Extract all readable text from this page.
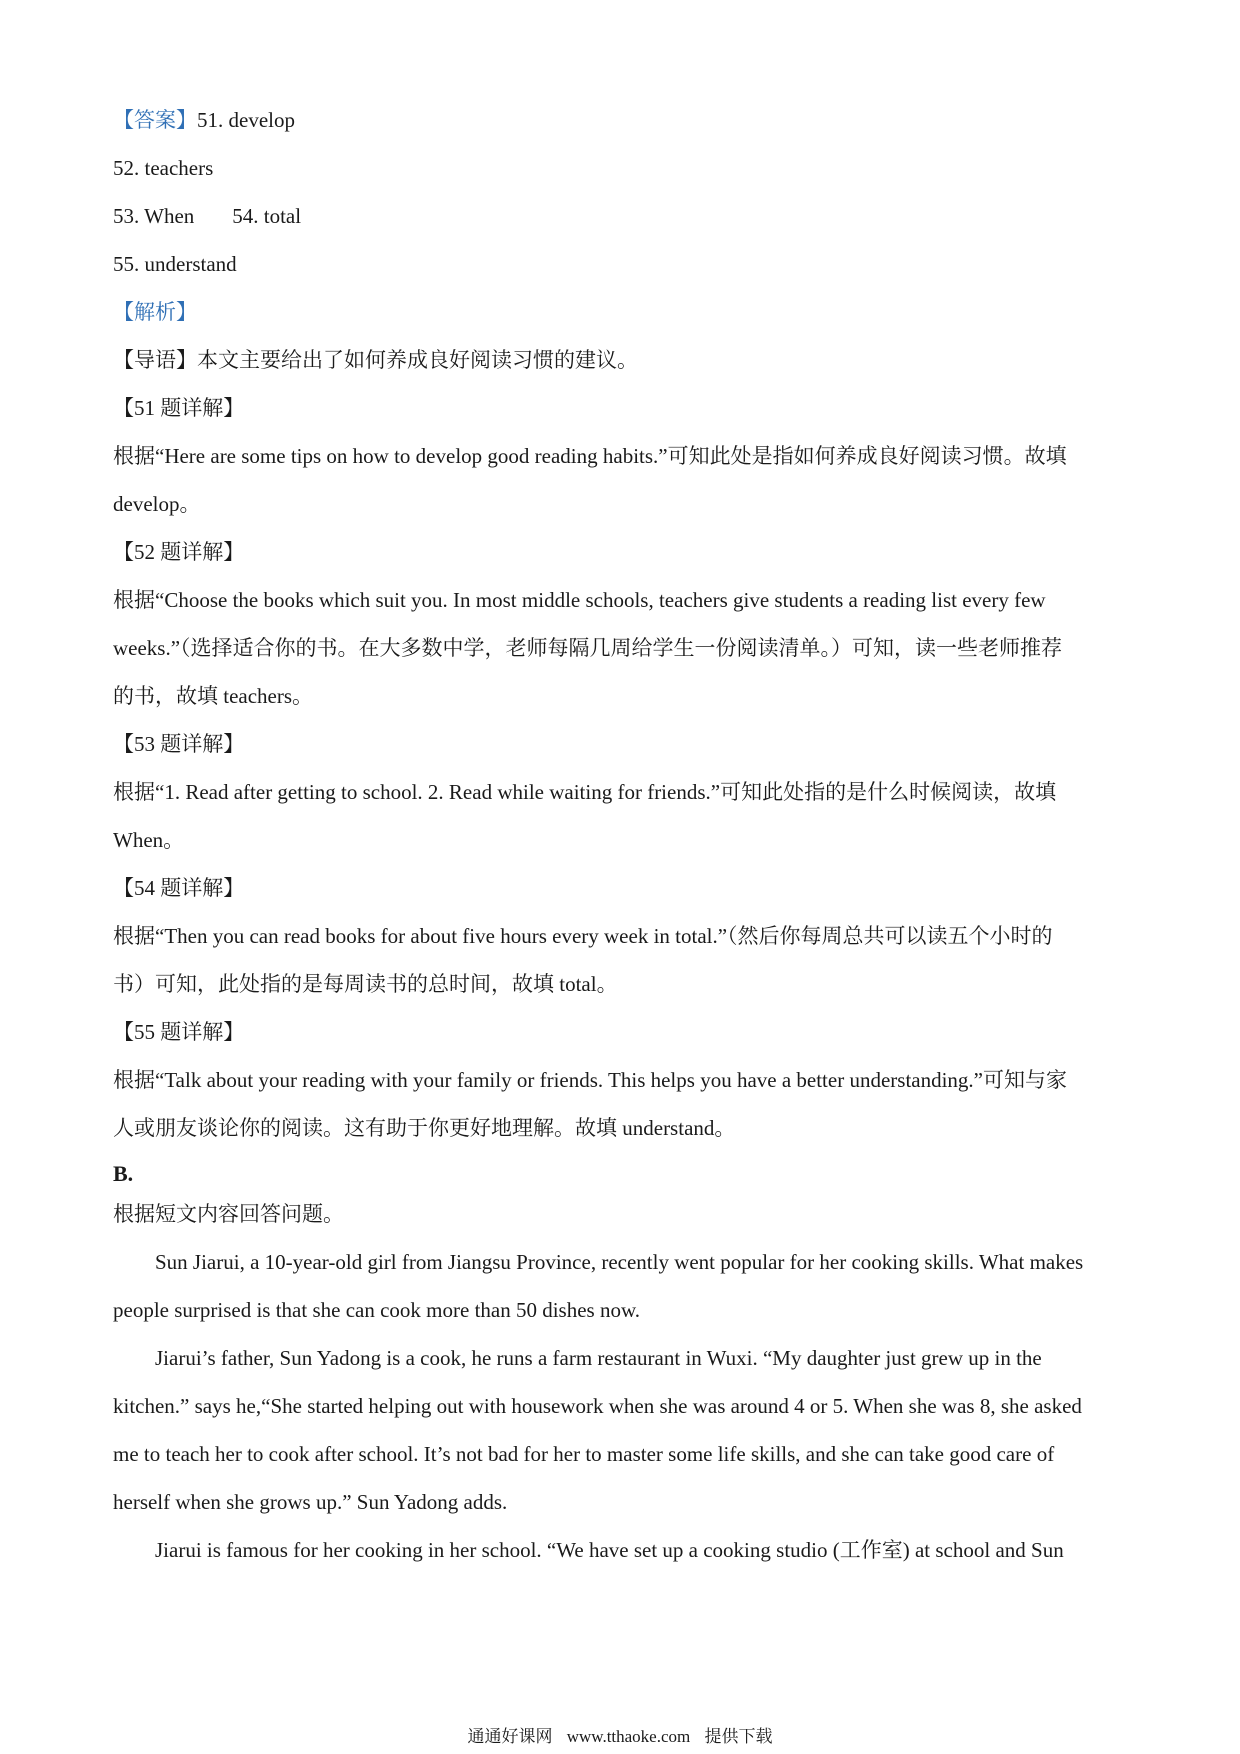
【答案】51. develop
52. teachers
53. When 54. total
55. understand
【解析】
【导语】本文主要给出了如何养成良好阅读习惯的建议。
【51 题详解】
根据“Here are some tips on how to develop good reading habits.”可知此处是指如何养成良好阅读习惯。故填
develop。
【52 题详解】
根据“Choose the books which suit you. In most middle schools, teachers give students a reading list every few
weeks.”（选择适合你的书。在大多数中学，老师每隔几周给学生一份阅读清单。）可知，读一些老师推荐
的书，故填 teachers。
【53 题详解】
根据“1. Read after getting to school. 2. Read while waiting for friends.”可知此处指的是什么时候阅读，故填
When。
【54 题详解】
根据“Then you can read books for about five hours every week in total.”（然后你每周总共可以读五个小时的
书）可知，此处指的是每周读书的总时间，故填 total。
【55 题详解】
根据“Talk about your reading with your family or friends. This helps you have a better understanding.”可知与家
人或朋友谈论你的阅读。这有助于你更好地理解。故填 understand。
B.
根据短文内容回答问题。
Sun Jiarui, a 10-year-old girl from Jiangsu Province, recently went popular for her cooking skills. What makes
people surprised is that she can cook more than 50 dishes now.
Jiarui’s father, Sun Yadong is a cook, he runs a farm restaurant in Wuxi. “My daughter just grew up in the
kitchen.” says he,“She started helping out with housework when she was around 4 or 5. When she was 8, she asked
me to teach her to cook after school. It’s not bad for her to master some life skills, and she can take good care of
herself when she grows up.” Sun Yadong adds.
Jiarui is famous for her cooking in her school. “We have set up a cooking studio (工作室) at school and Sun
通通好课网 www.tthaoke.com 提供下载
